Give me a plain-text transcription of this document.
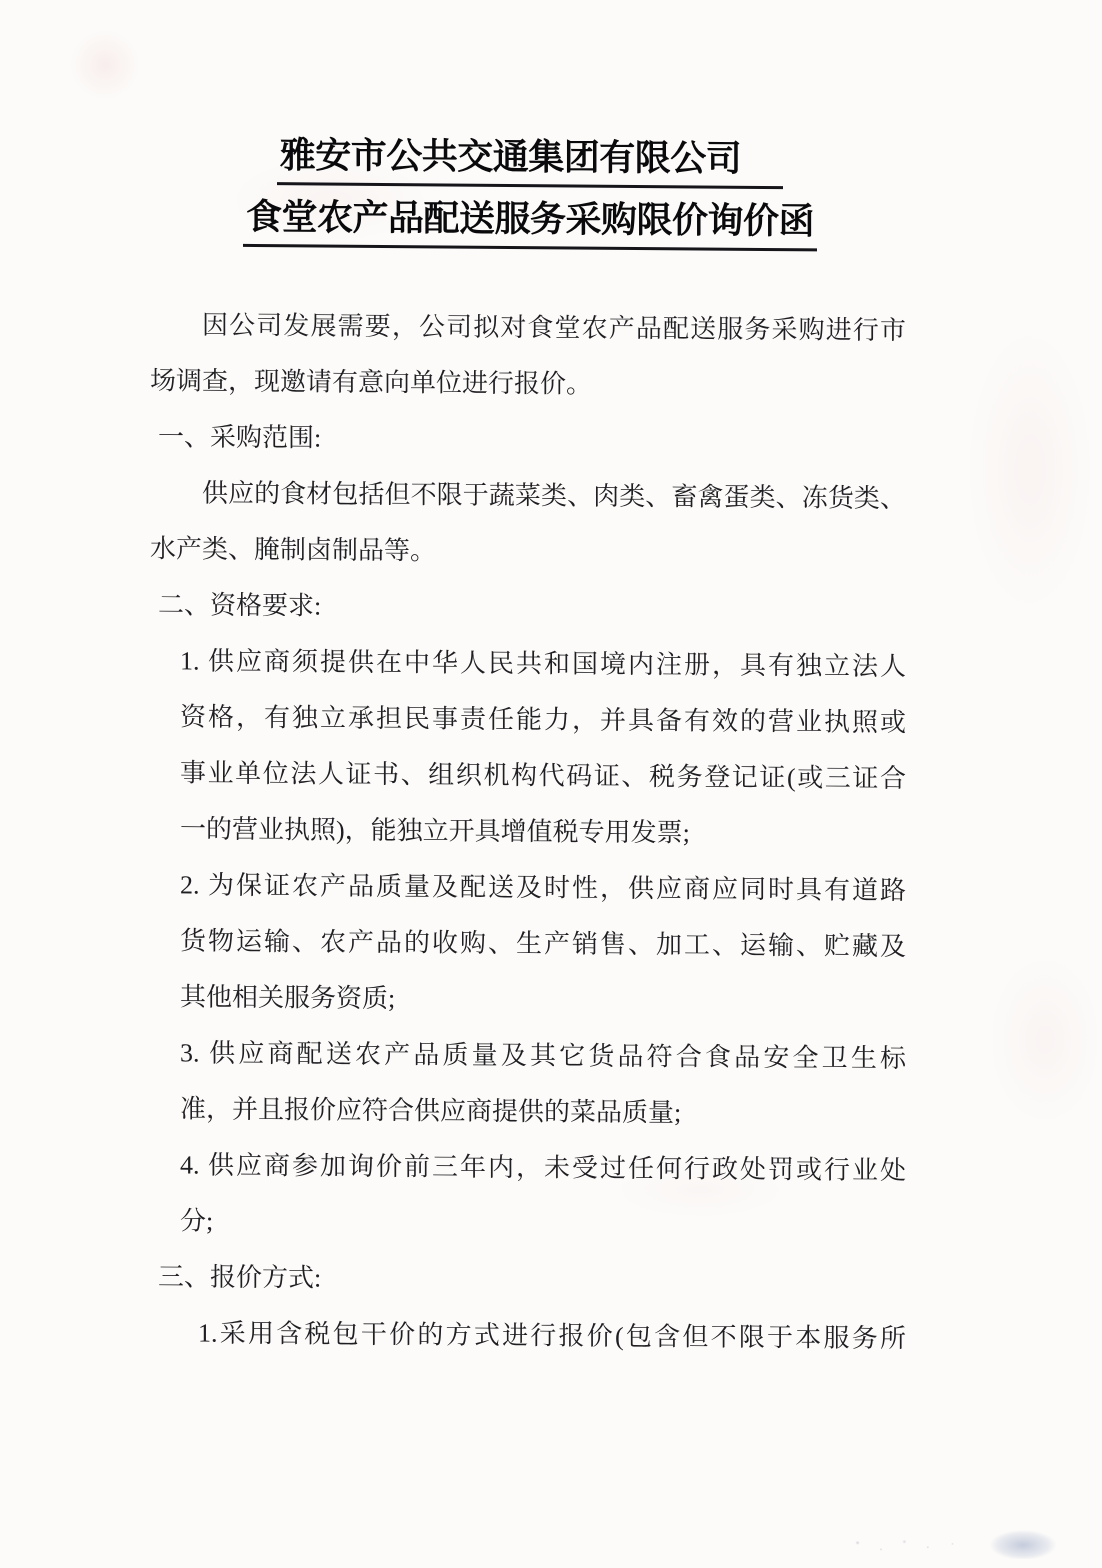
雅安市公共交通集团有限公司
食堂农产品配送服务采购限价询价函
因公司发展需要，公司拟对食堂农产品配送服务采购进行市
场调查，现邀请有意向单位进行报价。
一、采购范围:
供应的食材包括但不限于蔬菜类、肉类、畜禽蛋类、冻货类、
水产类、腌制卤制品等。
二、资格要求:
1. 供应商须提供在中华人民共和国境内注册，具有独立法人
资格，有独立承担民事责任能力，并具备有效的营业执照或
事业单位法人证书、组织机构代码证、税务登记证(或三证合
一的营业执照)，能独立开具增值税专用发票;
2. 为保证农产品质量及配送及时性，供应商应同时具有道路
货物运输、农产品的收购、生产销售、加工、运输、贮藏及
其他相关服务资质;
3. 供应商配送农产品质量及其它货品符合食品安全卫生标
准，并且报价应符合供应商提供的菜品质量;
4. 供应商参加询价前三年内，未受过任何行政处罚或行业处
分;
三、报价方式:
1.采用含税包干价的方式进行报价(包含但不限于本服务所
